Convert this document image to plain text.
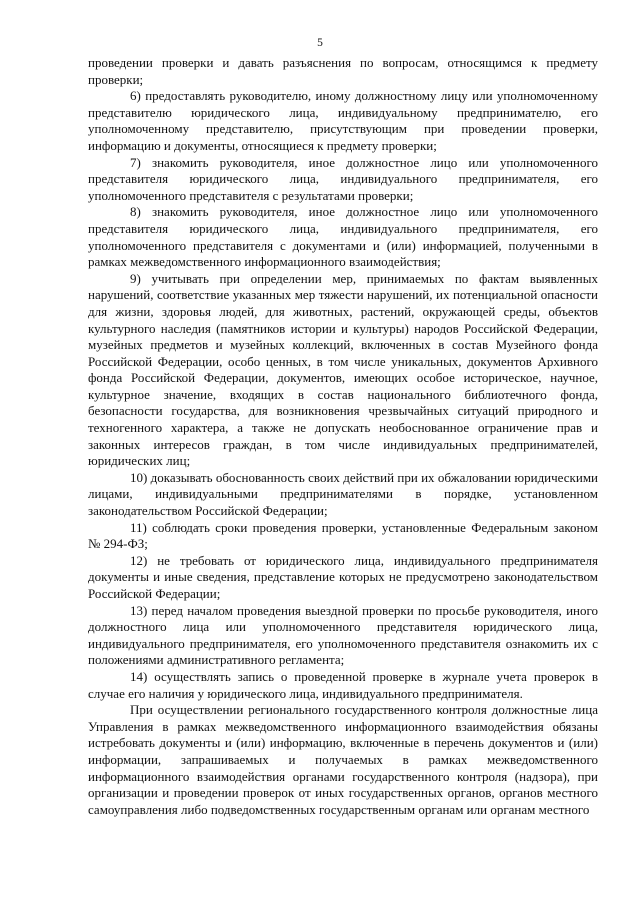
5

проведении проверки и давать разъяснения по вопросам, относящимся к предмету проверки;

6) предоставлять руководителю, иному должностному лицу или уполномоченному представителю юридического лица, индивидуальному предпринимателю, его уполномоченному представителю, присутствующим при проведении проверки, информацию и документы, относящиеся к предмету проверки;

7) знакомить руководителя, иное должностное лицо или уполномоченного представителя юридического лица, индивидуального предпринимателя, его уполномоченного представителя с результатами проверки;

8) знакомить руководителя, иное должностное лицо или уполномоченного представителя юридического лица, индивидуального предпринимателя, его уполномоченного представителя с документами и (или) информацией, полученными в рамках межведомственного информационного взаимодействия;

9) учитывать при определении мер, принимаемых по фактам выявленных нарушений, соответствие указанных мер тяжести нарушений, их потенциальной опасности для жизни, здоровья людей, для животных, растений, окружающей среды, объектов культурного наследия (памятников истории и культуры) народов Российской Федерации, музейных предметов и музейных коллекций, включенных в состав Музейного фонда Российской Федерации, особо ценных, в том числе уникальных, документов Архивного фонда Российской Федерации, документов, имеющих особое историческое, научное, культурное значение, входящих в состав национального библиотечного фонда, безопасности государства, для возникновения чрезвычайных ситуаций природного и техногенного характера, а также не допускать необоснованное ограничение прав и законных интересов граждан, в том числе индивидуальных предпринимателей, юридических лиц;

10) доказывать обоснованность своих действий при их обжаловании юридическими лицами, индивидуальными предпринимателями в порядке, установленном законодательством Российской Федерации;

11) соблюдать сроки проведения проверки, установленные Федеральным законом № 294-ФЗ;

12) не требовать от юридического лица, индивидуального предпринимателя документы и иные сведения, представление которых не предусмотрено законодательством Российской Федерации;

13) перед началом проведения выездной проверки по просьбе руководителя, иного должностного лица или уполномоченного представителя юридического лица, индивидуального предпринимателя, его уполномоченного представителя ознакомить их с положениями административного регламента;

14) осуществлять запись о проведенной проверке в журнале учета проверок в случае его наличия у юридического лица, индивидуального предпринимателя.

При осуществлении регионального государственного контроля должностные лица Управления в рамках межведомственного информационного взаимодействия обязаны истребовать документы и (или) информацию, включенные в перечень документов и (или) информации, запрашиваемых и получаемых в рамках межведомственного информационного взаимодействия органами государственного контроля (надзора), при организации и проведении проверок от иных государственных органов, органов местного самоуправления либо подведомственных государственным органам или органам местного
